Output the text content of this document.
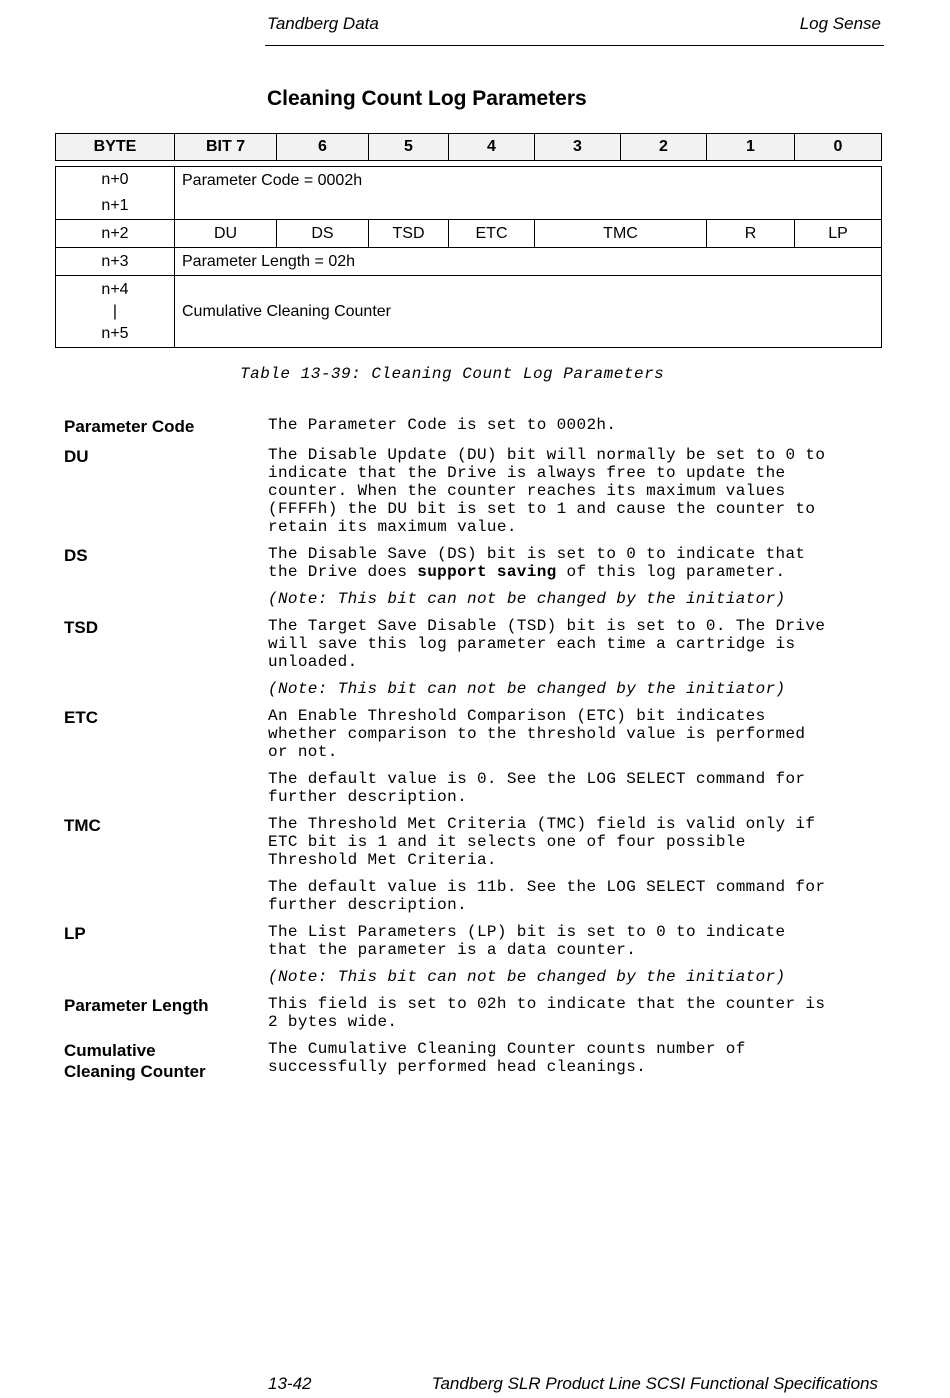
Tandberg Data	Log Sense
Cleaning Count Log Parameters
BYTE	BIT 7	6	5	4	3	2	1	0
n+0
n+1	Parameter Code = 0002h						
n+2	DU	DS	TSD	ETC	TMC	R	LP
n+3	Parameter Length = 02h						

n+4
|
n+5	Cumulative Cleaning Counter						
Table 13-39: Cleaning Count Log Parameters
Parameter Code	The Parameter Code is set to 0002h.
DU	The Disable Update (DU) bit will normally be set to 0 to
indicate that the Drive is always free to update the
counter. When the counter reaches its maximum values
(FFFFh) the DU bit is set to 1 and cause the counter to
retain its maximum value.
DS	The Disable Save (DS) bit is set to 0 to indicate that
the Drive does support saving of this log parameter.
(Note: This bit can not be changed by the initiator)
TSD	The Target Save Disable (TSD) bit is set to 0. The Drive
will save this log parameter each time a cartridge is
unloaded.
(Note: This bit can not be changed by the initiator)
ETC	An Enable Threshold Comparison (ETC) bit indicates
whether comparison to the threshold value is performed
or not.
The default value is 0. See the LOG SELECT command for
further description.
TMC	The Threshold Met Criteria (TMC) field is valid only if
ETC bit is 1 and it selects one of four possible
Threshold Met Criteria.
The default value is 11b. See the LOG SELECT command for
further description.
LP	The List Parameters (LP) bit is set to 0 to indicate
that the parameter is a data counter.
(Note: This bit can not be changed by the initiator)
Parameter Length	This field is set to 02h to indicate that the counter is
2 bytes wide.
Cumulative
Cleaning Counter
The Cumulative Cleaning Counter counts number of
successfully performed head cleanings.
13-42	Tandberg SLR Product Line SCSI Functional Specifications
